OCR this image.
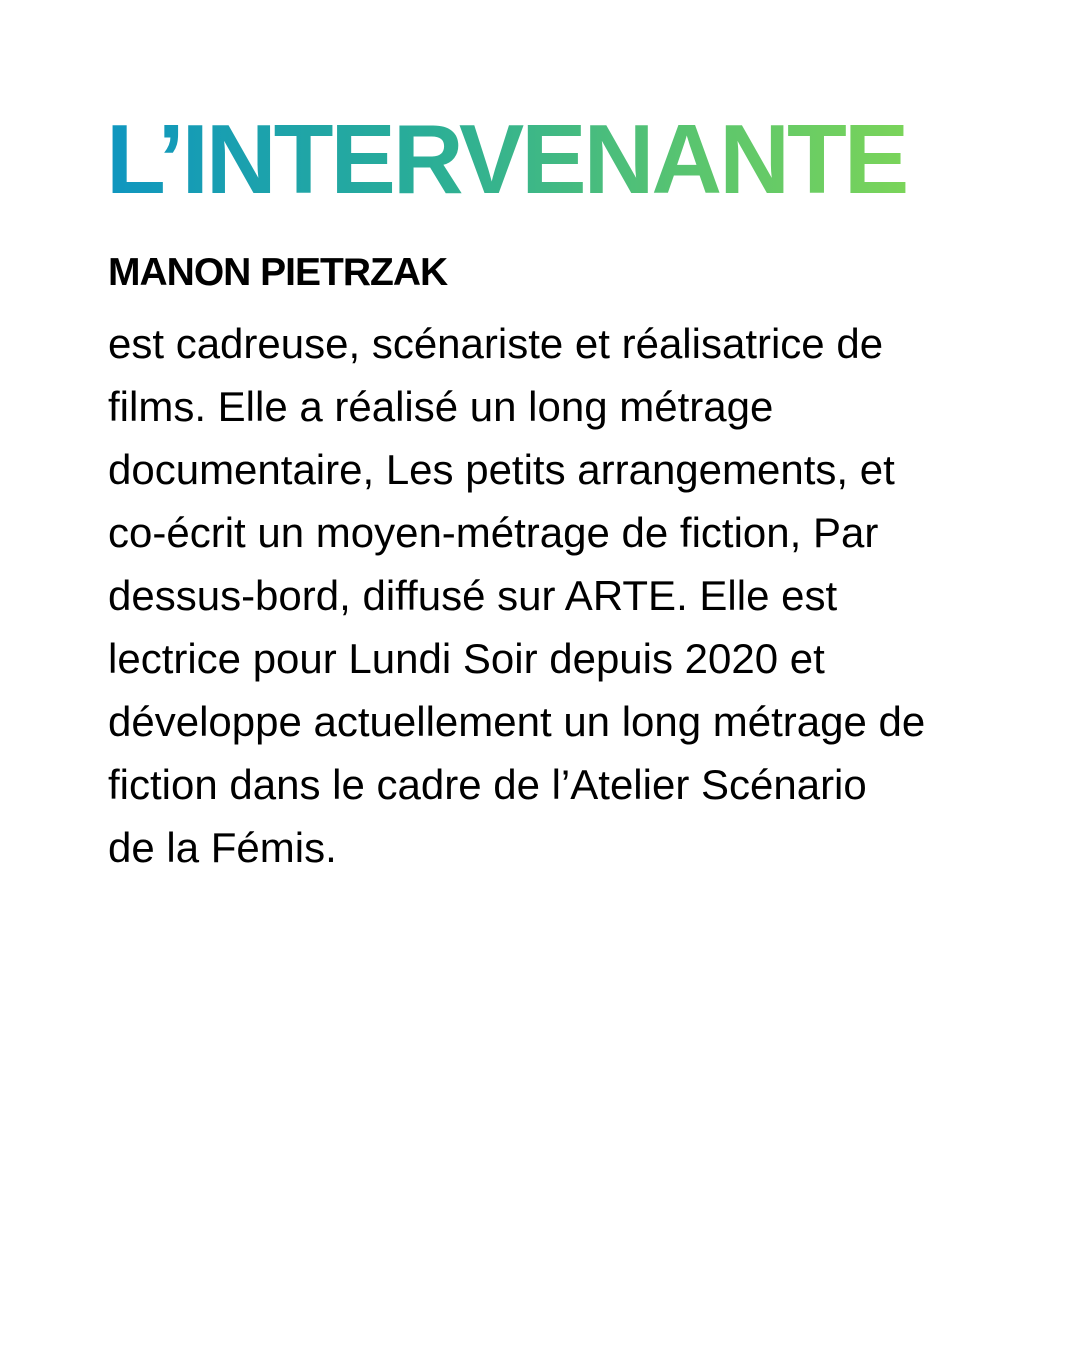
L’INTERVENANTE
MANON PIETRZAK

est cadreuse, scénariste et réalisatrice de
films. Elle a réalisé un long métrage
documentaire, Les petits arrangements, et
co-écrit un moyen-métrage de fiction, Par
dessus-bord, diffusé sur ARTE. Elle est
lectrice pour Lundi Soir depuis 2020 et
développe actuellement un long métrage de
fiction dans le cadre de l’Atelier Scénario
de la Fémis.
